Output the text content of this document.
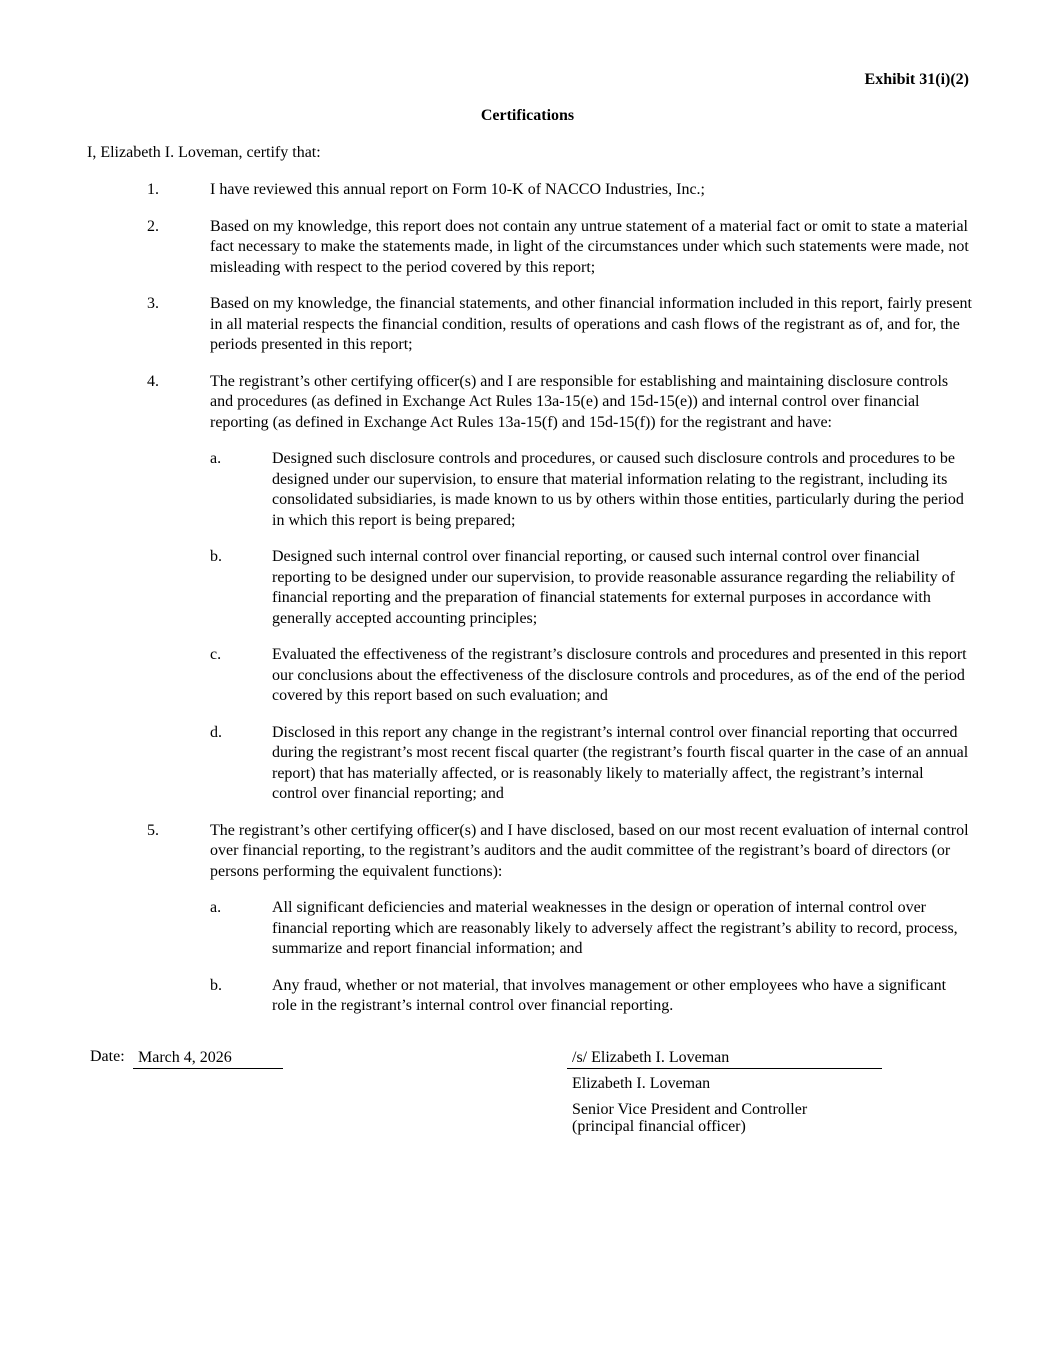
Exhibit 31(i)(2)
Certifications
I, Elizabeth I. Loveman, certify that:
1.	I have reviewed this annual report on Form 10-K of NACCO Industries, Inc.;
2.	Based on my knowledge, this report does not contain any untrue statement of a material fact or omit to state a material fact necessary to make the statements made, in light of the circumstances under which such statements were made, not misleading with respect to the period covered by this report;
3.	Based on my knowledge, the financial statements, and other financial information included in this report, fairly present in all material respects the financial condition, results of operations and cash flows of the registrant as of, and for, the periods presented in this report;
4.	The registrant’s other certifying officer(s) and I are responsible for establishing and maintaining disclosure controls and procedures (as defined in Exchange Act Rules 13a-15(e) and 15d-15(e)) and internal control over financial reporting (as defined in Exchange Act Rules 13a-15(f) and 15d-15(f)) for the registrant and have:
a.	Designed such disclosure controls and procedures, or caused such disclosure controls and procedures to be designed under our supervision, to ensure that material information relating to the registrant, including its consolidated subsidiaries, is made known to us by others within those entities, particularly during the period in which this report is being prepared;
b.	Designed such internal control over financial reporting, or caused such internal control over financial reporting to be designed under our supervision, to provide reasonable assurance regarding the reliability of financial reporting and the preparation of financial statements for external purposes in accordance with generally accepted accounting principles;
c.	Evaluated the effectiveness of the registrant’s disclosure controls and procedures and presented in this report our conclusions about the effectiveness of the disclosure controls and procedures, as of the end of the period covered by this report based on such evaluation; and
d.	Disclosed in this report any change in the registrant’s internal control over financial reporting that occurred during the registrant’s most recent fiscal quarter (the registrant’s fourth fiscal quarter in the case of an annual report) that has materially affected, or is reasonably likely to materially affect, the registrant’s internal control over financial reporting; and
5.	The registrant’s other certifying officer(s) and I have disclosed, based on our most recent evaluation of internal control over financial reporting, to the registrant’s auditors and the audit committee of the registrant’s board of directors (or persons performing the equivalent functions):
a.	All significant deficiencies and material weaknesses in the design or operation of internal control over financial reporting which are reasonably likely to adversely affect the registrant’s ability to record, process, summarize and report financial information; and
b.	Any fraud, whether or not material, that involves management or other employees who have a significant role in the registrant’s internal control over financial reporting.
Date: March 4, 2026	/s/ Elizabeth I. Loveman
Elizabeth I. Loveman
Senior Vice President and Controller
(principal financial officer)
